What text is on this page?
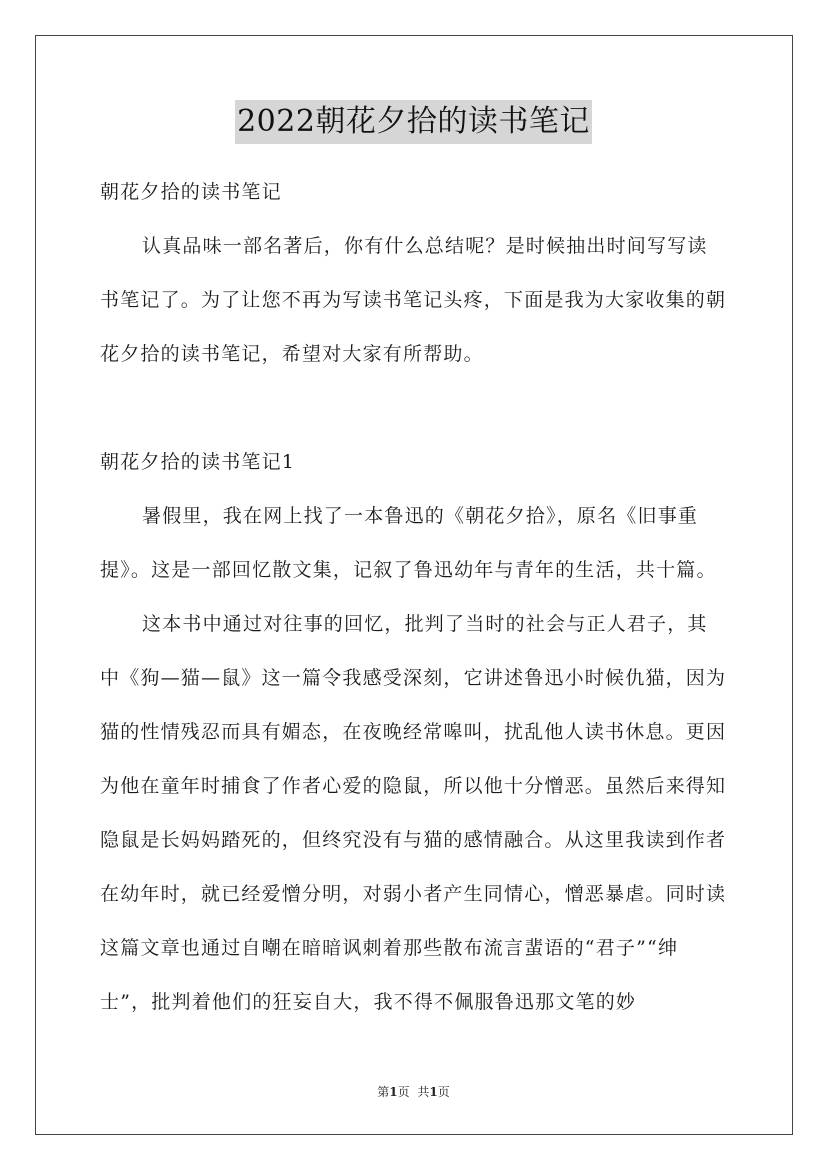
2022朝花夕拾的读书笔记

朝花夕拾的读书笔记

认真品味一部名著后，你有什么总结呢？是时候抽出时间写写读书笔记了。为了让您不再为写读书笔记头疼，下面是我为大家收集的朝花夕拾的读书笔记，希望对大家有所帮助。

朝花夕拾的读书笔记1

暑假里，我在网上找了一本鲁迅的《朝花夕拾》，原名《旧事重提》。这是一部回忆散文集，记叙了鲁迅幼年与青年的生活，共十篇。

这本书中通过对往事的回忆，批判了当时的社会与正人君子，其中《狗—猫—鼠》这一篇令我感受深刻，它讲述鲁迅小时候仇猫，因为猫的性情残忍而具有媚态，在夜晚经常嗥叫，扰乱他人读书休息。更因为他在童年时捕食了作者心爱的隐鼠，所以他十分憎恶。虽然后来得知隐鼠是长妈妈踏死的，但终究没有与猫的感情融合。从这里我读到作者在幼年时，就已经爱憎分明，对弱小者产生同情心，憎恶暴虐。同时读这篇文章也通过自嘲在暗暗讽刺着那些散布流言蜚语的“君子”“绅士”，批判着他们的狂妄自大，我不得不佩服鲁迅那文笔的妙

第1页 共1页
